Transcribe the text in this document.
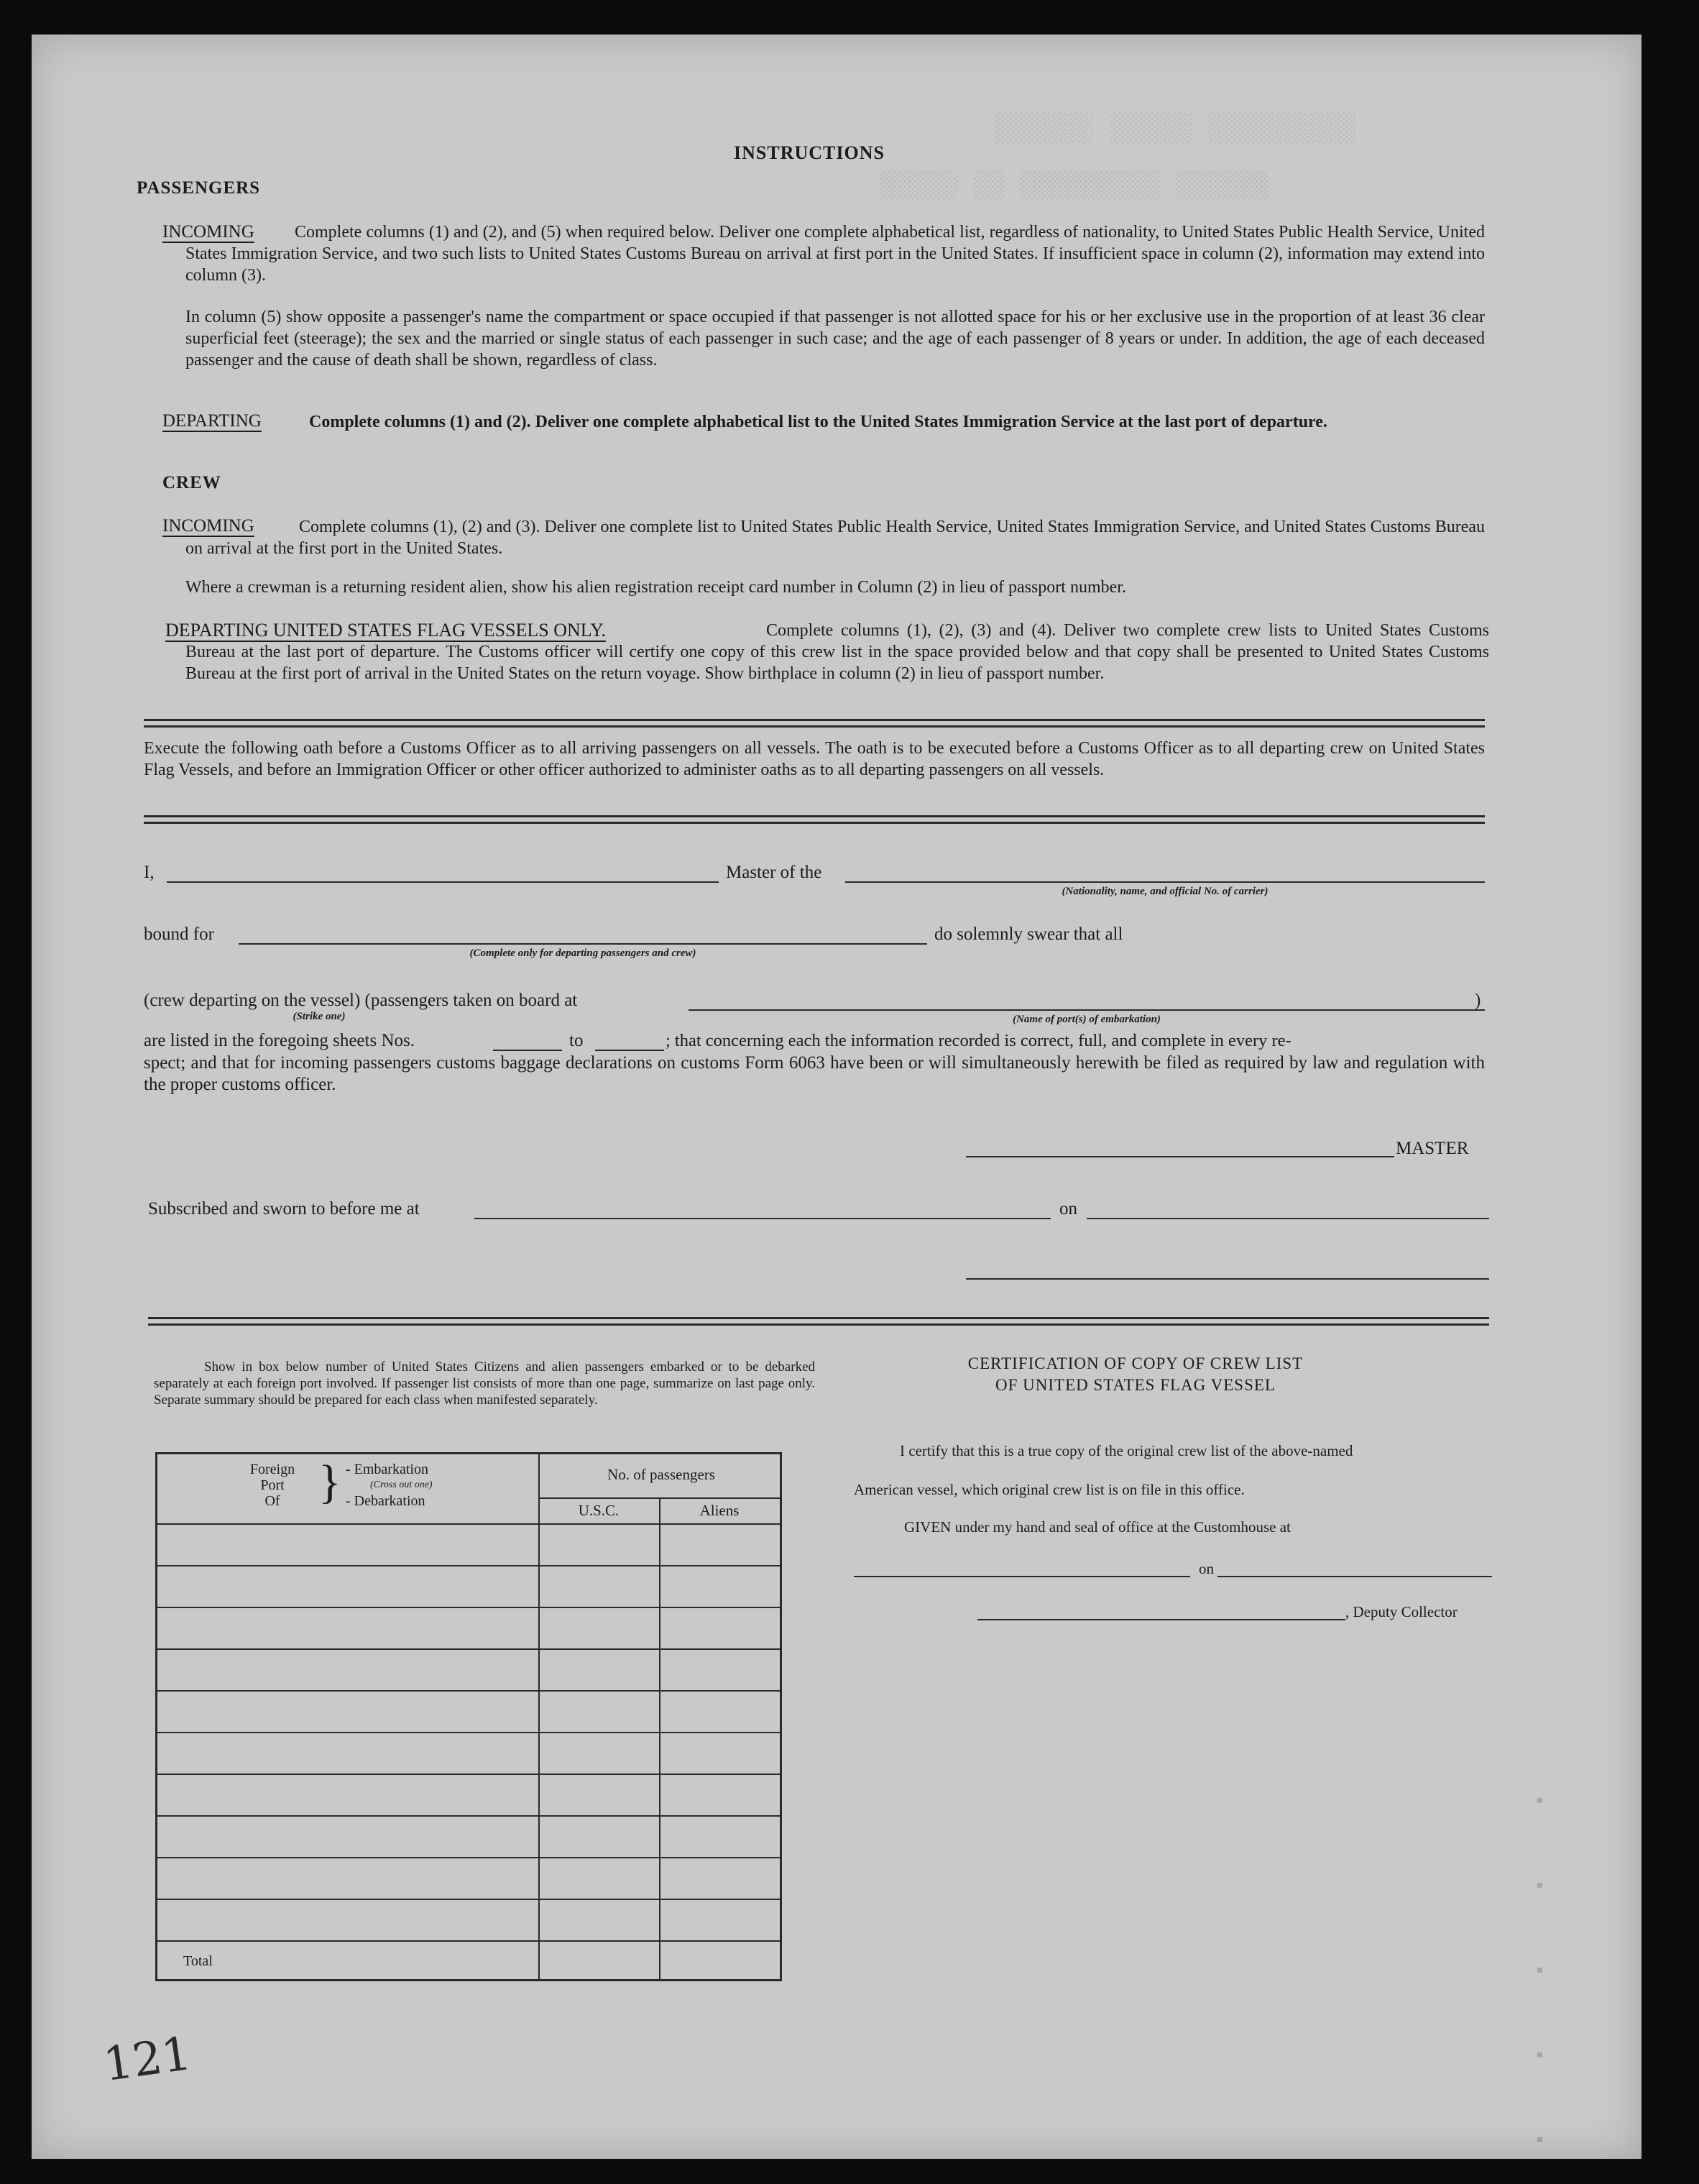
░░░░░░░░░ ░░░░░ ░░░░░░
░░░░░░ ░░░░░░░░░ ░░ ░░░░░
INSTRUCTIONS
PASSENGERS
INCOMING	Complete columns (1) and (2), and (5) when required below. Deliver one complete alphabetical list, regardless of nationality, to United States Public Health Service, United States Immigration Service, and two such lists to United States Customs Bureau on arrival at first port in the United States. If insufficient space in column (2), information may extend into column (3).

In column (5) show opposite a passenger's name the compartment or space occupied if that passenger is not allotted space for his or her exclusive use in the proportion of at least 36 clear superficial feet (steerage); the sex and the married or single status of each passenger in such case; and the age of each passenger of 8 years or under. In addition, the age of each deceased passenger and the cause of death shall be shown, regardless of class.

DEPARTING	Complete columns (1) and (2). Deliver one complete alphabetical list to the United States Immigration Service at the last port of departure.

CREW
INCOMING	Complete columns (1), (2) and (3). Deliver one complete list to United States Public Health Service, United States Immigration Service, and United States Customs Bureau on arrival at the first port in the United States.

Where a crewman is a returning resident alien, show his alien registration receipt card number in Column (2) in lieu of passport number.

DEPARTING UNITED STATES FLAG VESSELS ONLY.	Complete columns (1), (2), (3) and (4). Deliver two complete crew lists to United States Customs Bureau at the last port of departure. The Customs officer will certify one copy of this crew list in the space provided below and that copy shall be presented to United States Customs Bureau at the first port of arrival in the United States on the return voyage. Show birthplace in column (2) in lieu of passport number.

Execute the following oath before a Customs Officer as to all arriving passengers on all vessels. The oath is to be executed before a Customs Officer as to all departing crew on United States Flag Vessels, and before an Immigration Officer or other officer authorized to administer oaths as to all departing passengers on all vessels.

I,	Master of the
(Nationality, name, and official No. of carrier)
bound for
(Complete only for departing passengers and crew)
do solemnly swear that all
(crew departing on the vessel) (passengers taken on board at
(Strike one)	(Name of port(s) of embarkation)
)
are listed in the foregoing sheets Nos.	to	; that concerning each the information recorded is correct, full, and complete in every re-

spect; and that for incoming passengers customs baggage declarations on customs Form 6063 have been or will simultaneously herewith be filed as required by law and regulation with the proper customs officer.

MASTER
Subscribed and sworn to before me at	on

Show in box below number of United States Citizens and alien passengers embarked or to be debarked separately at each foreign port involved. If passenger list consists of more than one page, summarize on last page only. Separate summary should be prepared for each class when manifested separately.

Foreign
Port
Of } - Embarkation
(Cross out one)
- Debarkation
No. of passengers
U.S.C.	Aliens
Total
CERTIFICATION OF COPY OF CREW LIST
OF UNITED STATES FLAG VESSEL
I certify that this is a true copy of the original crew list of the above-named
American vessel, which original crew list is on file in this office.
GIVEN under my hand and seal of office at the Customhouse at
on
, Deputy Collector
▪
▪
▪
▪
▪
121
